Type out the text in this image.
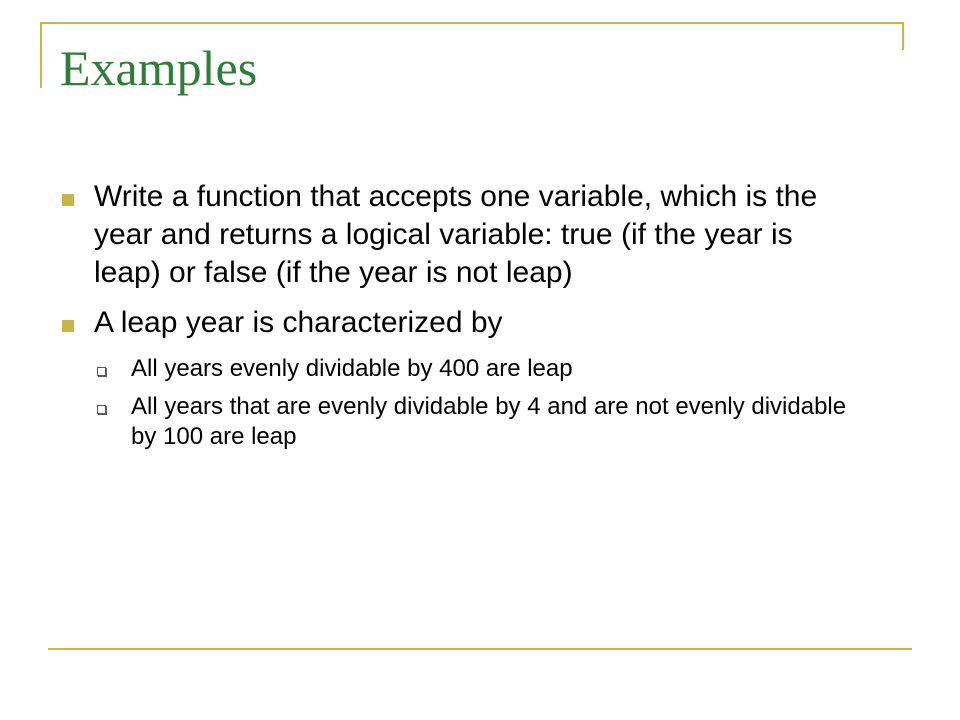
Examples
Write a function that accepts one variable, which is the year and returns a logical variable: true (if the year is leap) or false (if the year is not leap)
A leap year is characterized by
All years evenly dividable by 400 are leap
All years that are evenly dividable by 4 and are not evenly dividable by 100 are leap
